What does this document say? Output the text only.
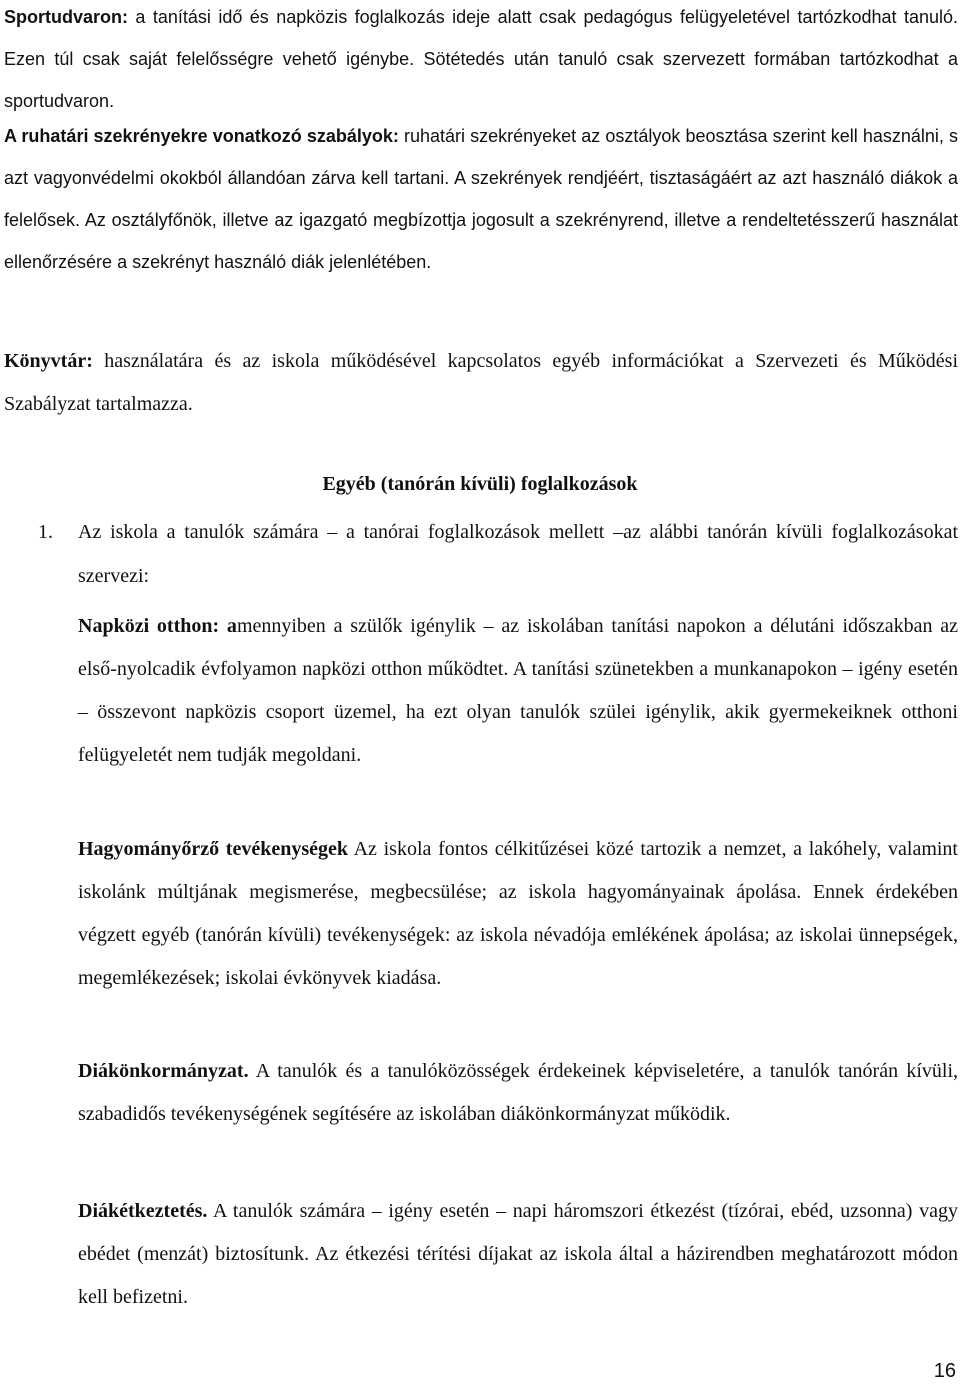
Sportudvaron: a tanítási idő és napközis foglalkozás ideje alatt csak pedagógus felügyeletével tartózkodhat tanuló. Ezen túl csak saját felelősségre vehető igénybe. Sötétedés után tanuló csak szervezett formában tartózkodhat a sportudvaron.
A ruhatári szekrényekre vonatkozó szabályok: ruhatári szekrényeket az osztályok beosztása szerint kell használni, s azt vagyonvédelmi okokból állandóan zárva kell tartani. A szekrények rendjéért, tisztaságáért az azt használó diákok a felelősek. Az osztályfőnök, illetve az igazgató megbízottja jogosult a szekrényrend, illetve a rendeltetésszerű használat ellenőrzésére a szekrényt használó diák jelenlétében.
Könyvtár: használatára és az iskola működésével kapcsolatos egyéb információkat a Szervezeti és Működési Szabályzat tartalmazza.
Egyéb (tanórán kívüli) foglalkozások
1. Az iskola a tanulók számára – a tanórai foglalkozások mellett –az alábbi tanórán kívüli foglalkozásokat szervezi:
Napközi otthon: amennyiben a szülők igénylik – az iskolában tanítási napokon a délutáni időszakban az első-nyolcadik évfolyamon napközi otthon működtet. A tanítási szünetekben a munkanapokon – igény esetén – összevont napközis csoport üzemel, ha ezt olyan tanulók szülei igénylik, akik gyermekeiknek otthoni felügyeletét nem tudják megoldani.
Hagyományőrző tevékenységek Az iskola fontos célkitűzései közé tartozik a nemzet, a lakóhely, valamint iskolánk múltjának megismerése, megbecsülése; az iskola hagyományainak ápolása. Ennek érdekében végzett egyéb (tanórán kívüli) tevékenységek: az iskola névadója emlékének ápolása; az iskolai ünnepségek, megemlékezések; iskolai évkönyvek kiadása.
Diákönkormányzat. A tanulók és a tanulóközösségek érdekeinek képviseletére, a tanulók tanórán kívüli, szabadidős tevékenységének segítésére az iskolában diákönkormányzat működik.
Diákétkeztetés. A tanulók számára – igény esetén – napi háromszori étkezést (tízórai, ebéd, uzsonna) vagy ebédet (menzát) biztosítunk. Az étkezési térítési díjakat az iskola által a házirendben meghatározott módon kell befizetni.
16
